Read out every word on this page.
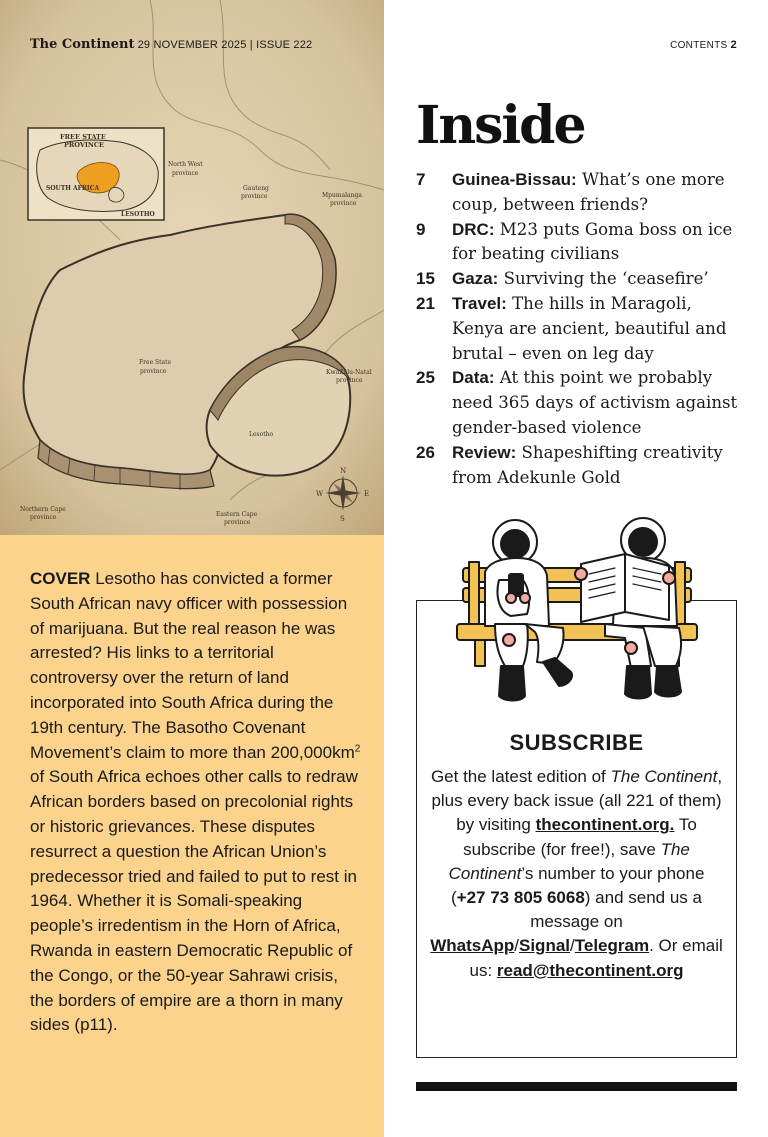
FREE STATE
PROVINCE
SOUTH AFRICA
LESOTHO
North West
province
Gauteng
province	Mpumalanga
province
Free State
province	KwaZulu-Natal
province
Lesotho
Northern Cape
province	Eastern Cape
province
N
S
E
W
The Continent 29 NOVEMBER 2025 | ISSUE 222

COVER Lesotho has convicted a former South African navy officer with possession of marijuana. But the real reason he was arrested? His links to a territorial controversy over the return of land incorporated into South Africa during the 19th century. The Basotho Covenant Movement’s claim to more than $200,000km^2$ of South Africa echoes other calls to redraw African borders based on precolonial rights or historic grievances. These disputes resurrect a question the African Union’s predecessor tried and failed to put to rest in 1964. Whether it is Somali-speaking people’s irredentism in the Horn of Africa, Rwanda in eastern Democratic Republic of the Congo, or the 50-year Sahrawi crisis, the borders of empire are a thorn in many sides (p11).

CONTENTS 2
Inside
7	Guinea-Bissau: What’s one more coup, between friends?
9	DRC: M23 puts Goma boss on ice for beating civilians
15	Gaza: Surviving the ‘ceasefire’
21	Travel: The hills in Maragoli, Kenya are ancient, beautiful and brutal – even on leg day
25	Data: At this point we probably need 365 days of activism against gender-based violence
26	Review: Shapeshifting creativity from Adekunle Gold
SUBSCRIBE

Get the latest edition of The Continent, plus every back issue (all 221 of them) by visiting thecontinent.org. To subscribe (for free!), save The Continent’s number to your phone (+27 73 805 6068) and send us a message on WhatsApp/Signal/Telegram. Or email us: read@thecontinent.org
